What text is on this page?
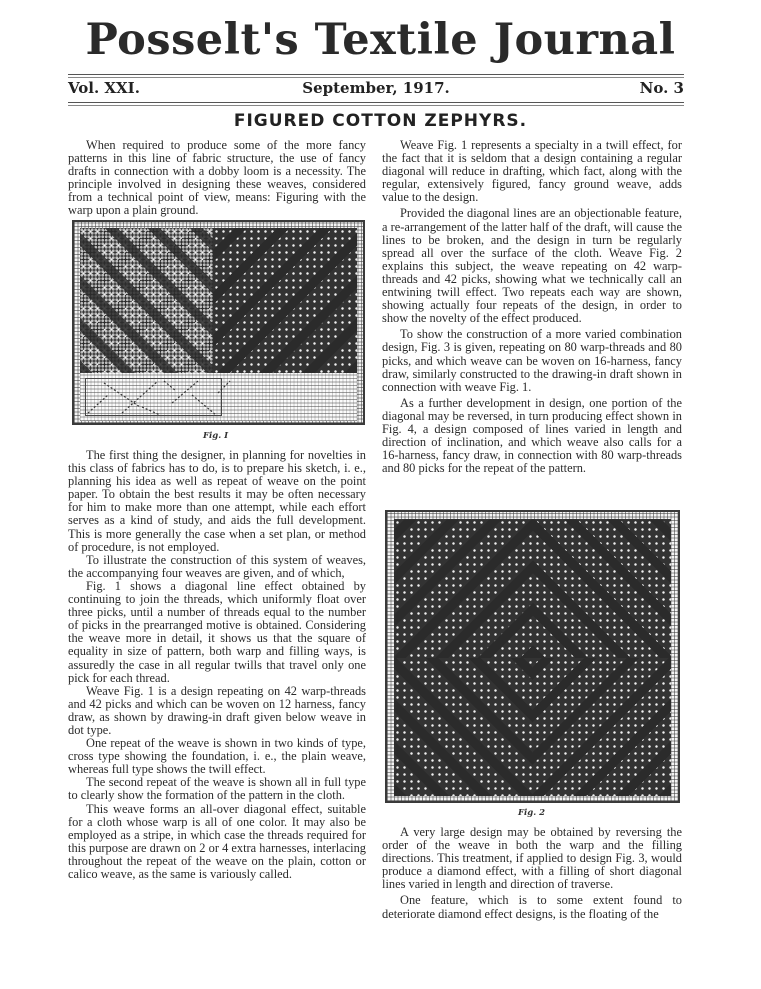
Posselt's Textile Journal
Vol. XXI.	September, 1917.	No. 3
FIGURED COTTON ZEPHYRS.

When required to produce some of the more fancy patterns in this line of fabric structure, the use of fancy drafts in connection with a dobby loom is a necessity. The principle involved in designing these weaves, considered from a technical point of view, means: Figuring with the warp upon a plain ground.

Fig. I

The first thing the designer, in planning for novelties in this class of fabrics has to do, is to prepare his sketch, i. e., planning his idea as well as repeat of weave on the point paper. To obtain the best results it may be often necessary for him to make more than one attempt, while each effort serves as a kind of study, and aids the full development. This is more generally the case when a set plan, or method of procedure, is not employed.

To illustrate the construction of this system of weaves, the accompanying four weaves are given, and of which,

Fig. 1 shows a diagonal line effect obtained by continuing to join the threads, which uniformly float over three picks, until a number of threads equal to the number of picks in the prearranged motive is obtained. Considering the weave more in detail, it shows us that the square of equality in size of pattern, both warp and filling ways, is assuredly the case in all regular twills that travel only one pick for each thread.

Weave Fig. 1 is a design repeating on 42 warp-threads and 42 picks and which can be woven on 12 harness, fancy draw, as shown by drawing-in draft given below weave in dot type.

One repeat of the weave is shown in two kinds of type, cross type showing the foundation, i. e., the plain weave, whereas full type shows the twill effect.

The second repeat of the weave is shown all in full type to clearly show the formation of the pattern in the cloth.

This weave forms an all-over diagonal effect, suitable for a cloth whose warp is all of one color. It may also be employed as a stripe, in which case the threads required for this purpose are drawn on 2 or 4 extra harnesses, interlacing throughout the repeat of the weave on the plain, cotton or calico weave, as the same is variously called.

Weave Fig. 1 represents a specialty in a twill effect, for the fact that it is seldom that a design containing a regular diagonal will reduce in drafting, which fact, along with the regular, extensively figured, fancy ground weave, adds value to the design.

Provided the diagonal lines are an objectionable feature, a re-arrangement of the latter half of the draft, will cause the lines to be broken, and the design in turn be regularly spread all over the surface of the cloth. Weave Fig. 2 explains this subject, the weave repeating on 42 warp-threads and 42 picks, showing what we technically call an entwining twill effect. Two repeats each way are shown, showing actually four repeats of the design, in order to show the novelty of the effect produced.

To show the construction of a more varied combination design, Fig. 3 is given, repeating on 80 warp-threads and 80 picks, and which weave can be woven on 16-harness, fancy draw, similarly constructed to the drawing-in draft shown in connection with weave Fig. 1.

As a further development in design, one portion of the diagonal may be reversed, in turn producing effect shown in Fig. 4, a design composed of lines varied in length and direction of inclination, and which weave also calls for a 16-harness, fancy draw, in connection with 80 warp-threads and 80 picks for the repeat of the pattern.

Fig. 2

A very large design may be obtained by reversing the order of the weave in both the warp and the filling directions. This treatment, if applied to design Fig. 3, would produce a diamond effect, with a filling of short diagonal lines varied in length and direction of traverse.

One feature, which is to some extent found to deteriorate diamond effect designs, is the floating of the
